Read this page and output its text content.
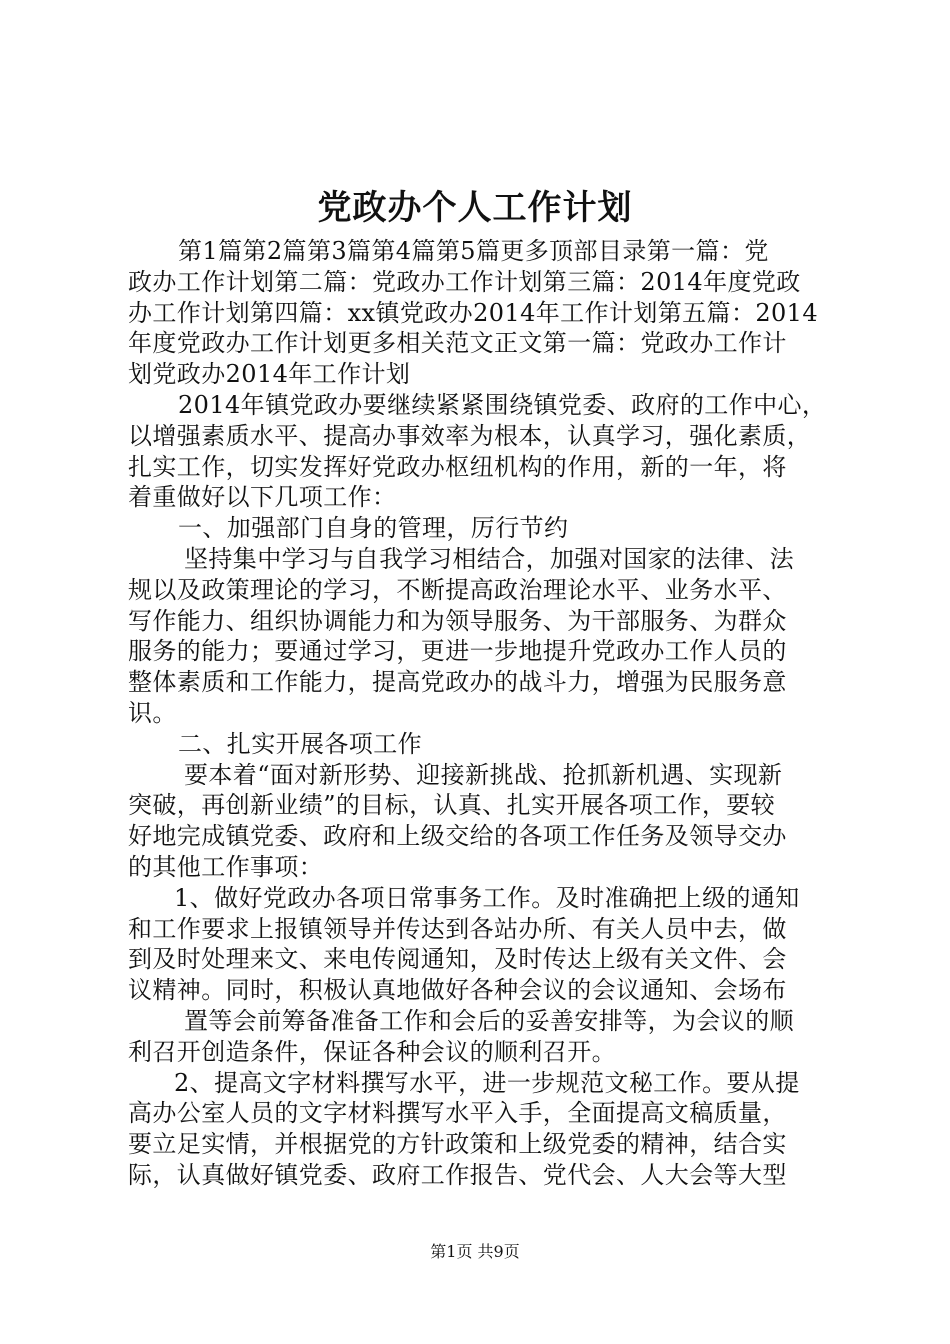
党政办个人工作计划
第1篇第2篇第3篇第4篇第5篇更多顶部目录第一篇：党
政办工作计划第二篇：党政办工作计划第三篇：2014年度党政
办工作计划第四篇：xx镇党政办2014年工作计划第五篇：2014
年度党政办工作计划更多相关范文正文第一篇：党政办工作计
划党政办2014年工作计划
2014年镇党政办要继续紧紧围绕镇党委、政府的工作中心，
以增强素质水平、提高办事效率为根本，认真学习，强化素质，
扎实工作，切实发挥好党政办枢纽机构的作用，新的一年，将
着重做好以下几项工作：
一、加强部门自身的管理，厉行节约
坚持集中学习与自我学习相结合，加强对国家的法律、法
规以及政策理论的学习，不断提高政治理论水平、业务水平、
写作能力、组织协调能力和为领导服务、为干部服务、为群众
服务的能力；要通过学习，更进一步地提升党政办工作人员的
整体素质和工作能力，提高党政办的战斗力，增强为民服务意
识。
二、扎实开展各项工作
要本着“面对新形势、迎接新挑战、抢抓新机遇、实现新
突破，再创新业绩”的目标，认真、扎实开展各项工作，要较
好地完成镇党委、政府和上级交给的各项工作任务及领导交办
的其他工作事项：
1、做好党政办各项日常事务工作。及时准确把上级的通知
和工作要求上报镇领导并传达到各站办所、有关人员中去，做
到及时处理来文、来电传阅通知，及时传达上级有关文件、会
议精神。同时，积极认真地做好各种会议的会议通知、会场布
置等会前筹备准备工作和会后的妥善安排等，为会议的顺
利召开创造条件，保证各种会议的顺利召开。
2、提高文字材料撰写水平，进一步规范文秘工作。要从提
高办公室人员的文字材料撰写水平入手，全面提高文稿质量，
要立足实情，并根据党的方针政策和上级党委的精神，结合实
际，认真做好镇党委、政府工作报告、党代会、人大会等大型
第1页 共9页
